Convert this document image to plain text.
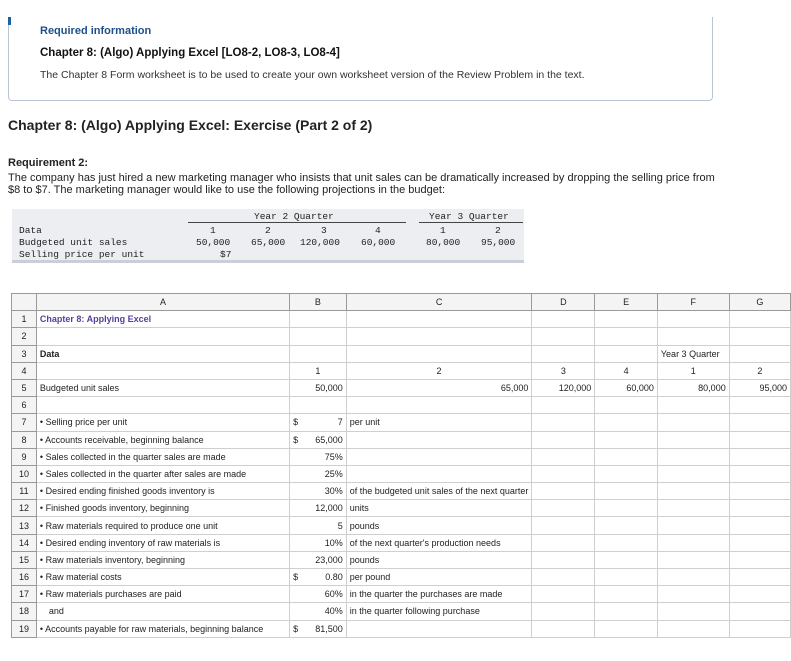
Required information
Chapter 8: (Algo) Applying Excel [LO8-2, LO8-3, LO8-4]
The Chapter 8 Form worksheet is to be used to create your own worksheet version of the Review Problem in the text.
Chapter 8: (Algo) Applying Excel: Exercise (Part 2 of 2)
Requirement 2:
The company has just hired a new marketing manager who insists that unit sales can be dramatically increased by dropping the selling price from $8 to $7. The marketing manager would like to use the following projections in the budget:
Year 2 Quarter	Year 3 Quarter
Data	1	2	3	4	1	2
Budgeted unit sales	50,000 65,000 120,000 60,000	80,000 95,000
Selling price per unit	$7
	A	B	C	D	E	F	G
1	Chapter 8: Applying Excel						
2							
3	Data					Year 3 Quarter	
4		1	2	3	4	1	2
5	Budgeted unit sales	50,000	65,000	120,000	60,000	80,000	95,000
6							
7	• Selling price per unit	$ 7	per unit				
8	• Accounts receivable, beginning balance	$ 65,000					
9	• Sales collected in the quarter sales are made	75%					
10	• Sales collected in the quarter after sales are made	25%					
11	• Desired ending finished goods inventory is	30%	of the budgeted unit sales of the next quarter				
12	• Finished goods inventory, beginning	12,000	units				
13	• Raw materials required to produce one unit	5	pounds				
14	• Desired ending inventory of raw materials is	10%	of the next quarter's production needs				
15	• Raw materials inventory, beginning	23,000	pounds				
16	• Raw material costs	$ 0.80	per pound				
17	• Raw materials purchases are paid	60%	in the quarter the purchases are made				
18	and	40%	in the quarter following purchase				
19	• Accounts payable for raw materials, beginning balance	$ 81,500					
